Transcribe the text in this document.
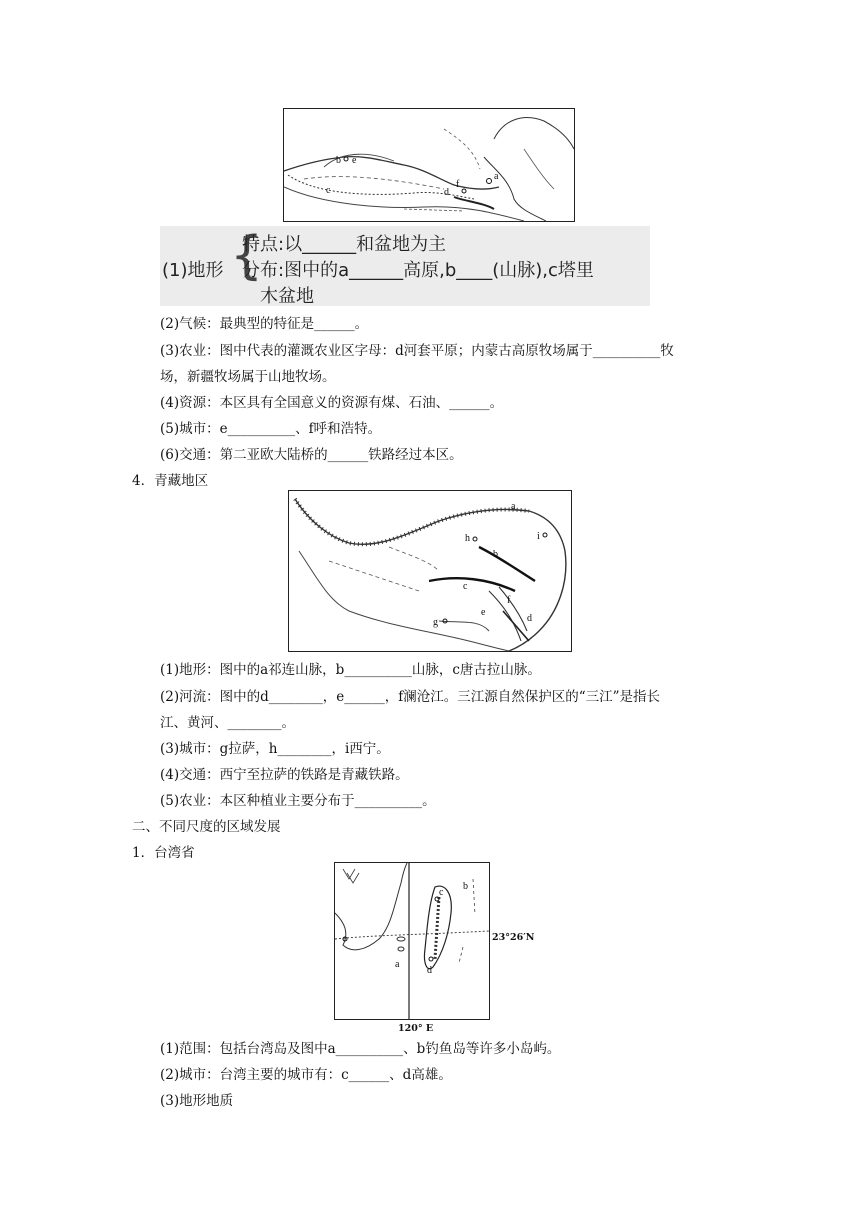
b e
c	d
f
a
(1)地形 {
特点:以______和盆地为主
分布:图中的a______高原,b____(山脉),c塔里
木盆地
(2)气候：最典型的特征是______。
(3)农业：图中代表的灌溉农业区字母：d河套平原；内蒙古高原牧场属于__________牧
场，新疆牧场属于山地牧场。
(4)资源：本区具有全国意义的资源有煤、石油、______。
(5)城市：e__________、f呼和浩特。
(6)交通：第二亚欧大陆桥的______铁路经过本区。
4．青藏地区
a
h
b
i
c
f
e
g	d
(1)地形：图中的a祁连山脉，b__________山脉，c唐古拉山脉。
(2)河流：图中的d________，e______，f澜沧江。三江源自然保护区的“三江”是指长
江、黄河、________。
(3)城市：g拉萨，h________，i西宁。
(4)交通：西宁至拉萨的铁路是青藏铁路。
(5)农业：本区种植业主要分布于__________。
二、不同尺度的区域发展
1．台湾省
b
c
a
d
23°26′N
120° E
(1)范围：包括台湾岛及图中a__________、b钓鱼岛等许多小岛屿。
(2)城市：台湾主要的城市有：c______、d高雄。
(3)地形地质
